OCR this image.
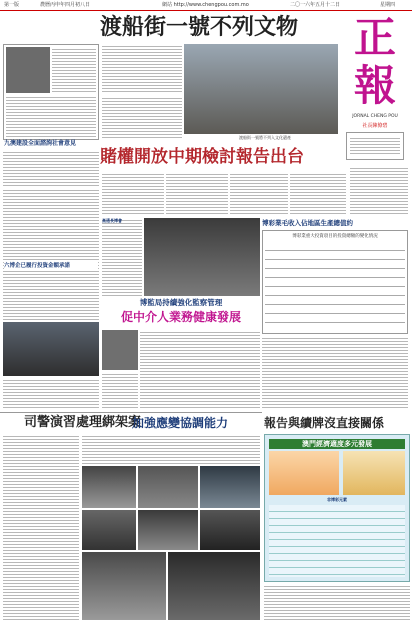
第一版	農曆丙申年四月初八日	網站 http://www.chengpou.com.mo	二〇一六年五月十二日	星期四
渡船街一號不列文物	正報
JORNAL CHENG POU
社長陳僚碧
渡船街一號將不列入文化遺產
九澳建設全面諮詢社會意見
賭權開放中期檢討報告出台
六博企已履行投資金額承諾
高通長博會	博彩業毛收入佔地區生產總值約
博彩業重大投資項目的投資總額的變化情況
博監局持續強化監察管理
促中介人業務健康發展
司警演習處理綁架案
加強應變協調能力	報告與續牌沒直接關係
澳門經濟適度多元發展
非博彩元素
